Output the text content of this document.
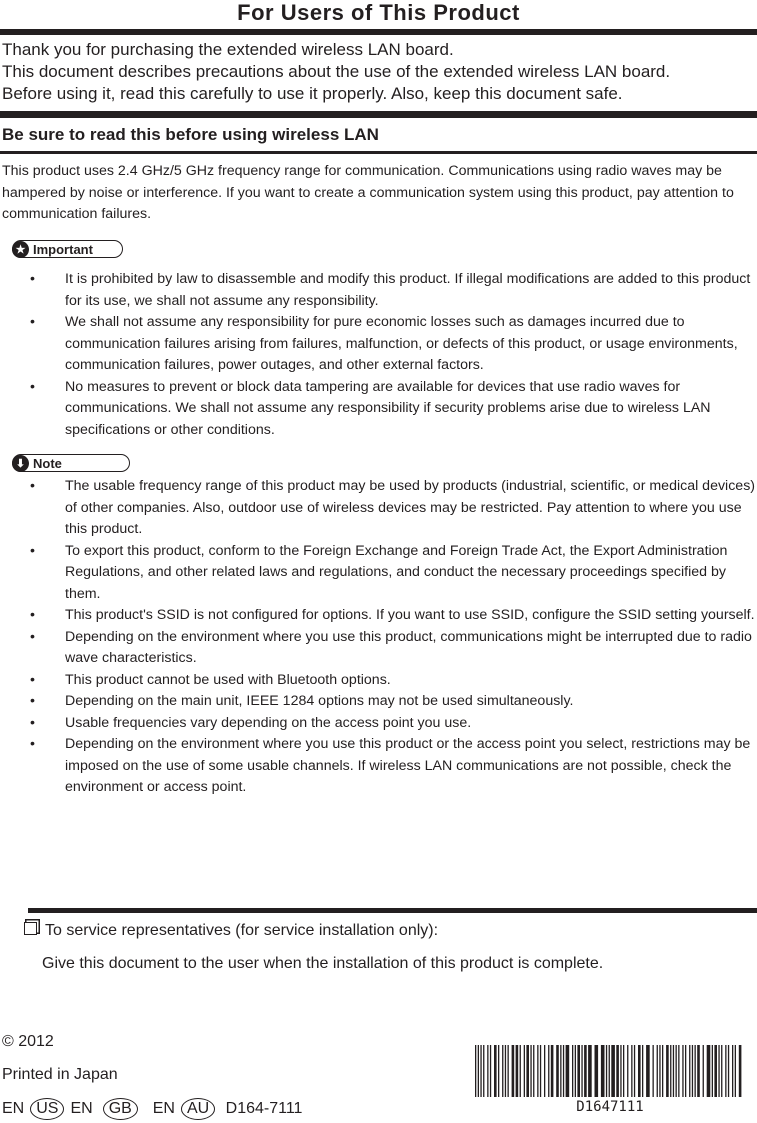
For Users of This Product
Thank you for purchasing the extended wireless LAN board.
This document describes precautions about the use of the extended wireless LAN board.
Before using it, read this carefully to use it properly. Also, keep this document safe.
Be sure to read this before using wireless LAN
This product uses 2.4 GHz/5 GHz frequency range for communication. Communications using radio waves may be hampered by noise or interference. If you want to create a communication system using this product, pay attention to communication failures.
★ Important
• It is prohibited by law to disassemble and modify this product. If illegal modifications are added to this product for its use, we shall not assume any responsibility.
• We shall not assume any responsibility for pure economic losses such as damages incurred due to communication failures arising from failures, malfunction, or defects of this product, or usage environments, communication failures, power outages, and other external factors.
• No measures to prevent or block data tampering are available for devices that use radio waves for communications. We shall not assume any responsibility if security problems arise due to wireless LAN specifications or other conditions.
⬇ Note
• The usable frequency range of this product may be used by products (industrial, scientific, or medical devices) of other companies. Also, outdoor use of wireless devices may be restricted. Pay attention to where you use this product.
• To export this product, conform to the Foreign Exchange and Foreign Trade Act, the Export Administration Regulations, and other related laws and regulations, and conduct the necessary proceedings specified by them.
• This product's SSID is not configured for options. If you want to use SSID, configure the SSID setting yourself.
• Depending on the environment where you use this product, communications might be interrupted due to radio wave characteristics.
• This product cannot be used with Bluetooth options.
• Depending on the main unit, IEEE 1284 options may not be used simultaneously.
• Usable frequencies vary depending on the access point you use.
• Depending on the environment where you use this product or the access point you select, restrictions may be imposed on the use of some usable channels. If wireless LAN communications are not possible, check the environment or access point.
To service representatives (for service installation only):
Give this document to the user when the installation of this product is complete.
© 2012
Printed in Japan
EN US EN GB EN AU D164-7111	D1647111
